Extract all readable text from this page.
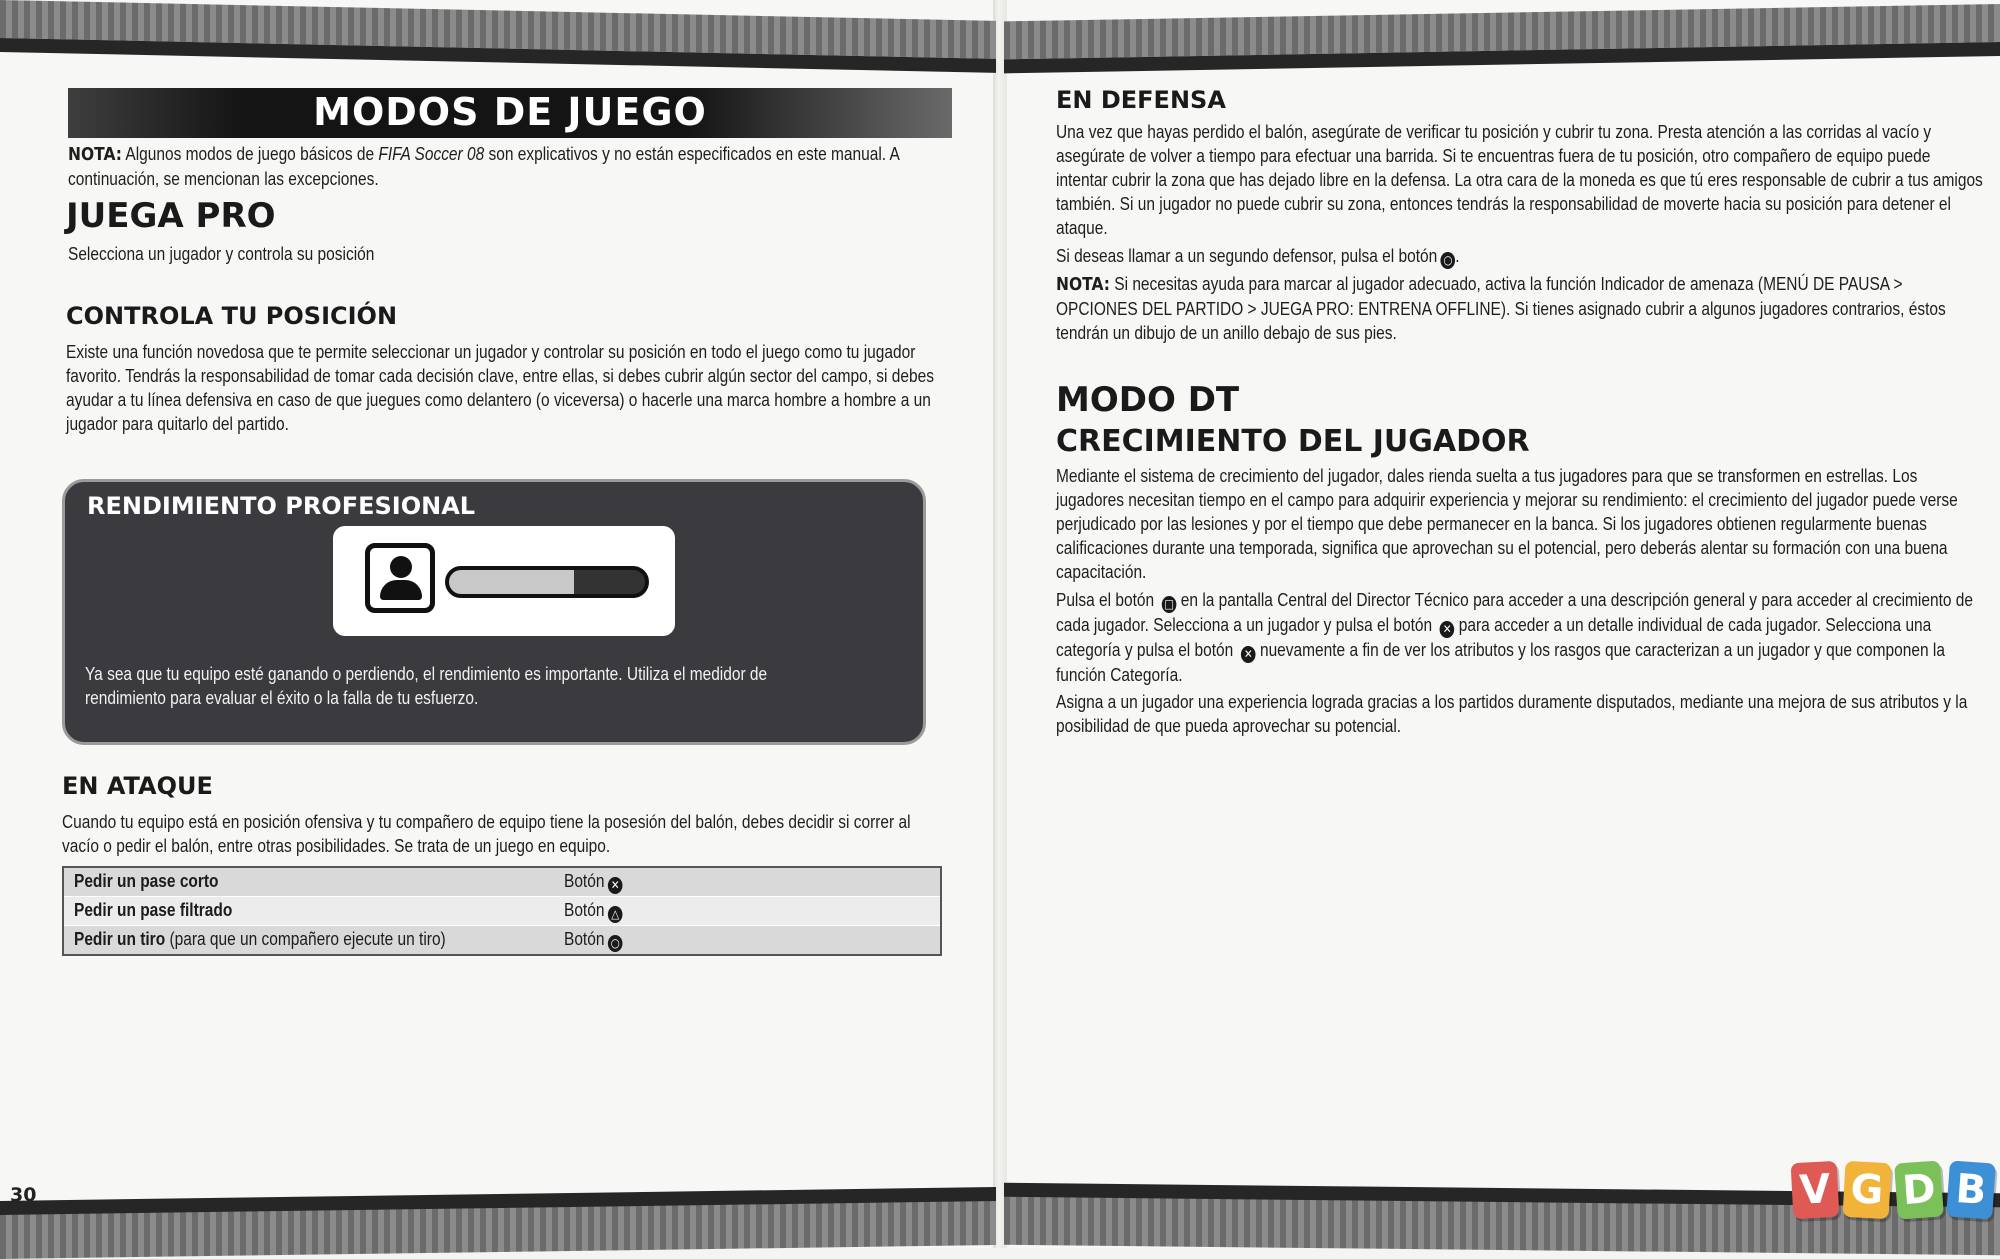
MODOS DE JUEGO
NOTA: Algunos modos de juego básicos de FIFA Soccer 08 son explicativos y no están especificados en este manual. A continuación, se mencionan las excepciones.
JUEGA PRO
Selecciona un jugador y controla su posición
CONTROLA TU POSICIÓN
Existe una función novedosa que te permite seleccionar un jugador y controlar su posición en todo el juego como tu jugador favorito. Tendrás la responsabilidad de tomar cada decisión clave, entre ellas, si debes cubrir algún sector del campo, si debes ayudar a tu línea defensiva en caso de que juegues como delantero (o viceversa) o hacerle una marca hombre a hombre a un jugador para quitarlo del partido.
RENDIMIENTO PROFESIONAL
Ya sea que tu equipo esté ganando o perdiendo, el rendimiento es importante. Utiliza el medidor de rendimiento para evaluar el éxito o la falla de tu esfuerzo.
EN ATAQUE
Cuando tu equipo está en posición ofensiva y tu compañero de equipo tiene la posesión del balón, debes decidir si correr al vacío o pedir el balón, entre otras posibilidades. Se trata de un juego en equipo.
Pedir un pase corto	Botón ✕
Pedir un pase filtrado	Botón △
Pedir un tiro (para que un compañero ejecute un tiro)	Botón ○
30
EN DEFENSA
Una vez que hayas perdido el balón, asegúrate de verificar tu posición y cubrir tu zona. Presta atención a las corridas al vacío y asegúrate de volver a tiempo para efectuar una barrida. Si te encuentras fuera de tu posición, otro compañero de equipo puede intentar cubrir la zona que has dejado libre en la defensa. La otra cara de la moneda es que tú eres responsable de cubrir a tus amigos también. Si un jugador no puede cubrir su zona, entonces tendrás la responsabilidad de moverte hacia su posición para detener el ataque.
Si deseas llamar a un segundo defensor, pulsa el botón ○ .
NOTA: Si necesitas ayuda para marcar al jugador adecuado, activa la función Indicador de amenaza (MENÚ DE PAUSA > OPCIONES DEL PARTIDO > JUEGA PRO: ENTRENA OFFLINE). Si tienes asignado cubrir a algunos jugadores contrarios, éstos tendrán un dibujo de un anillo debajo de sus pies.
MODO DT
CRECIMIENTO DEL JUGADOR
Mediante el sistema de crecimiento del jugador, dales rienda suelta a tus jugadores para que se transformen en estrellas. Los jugadores necesitan tiempo en el campo para adquirir experiencia y mejorar su rendimiento: el crecimiento del jugador puede verse perjudicado por las lesiones y por el tiempo que debe permanecer en la banca. Si los jugadores obtienen regularmente buenas calificaciones durante una temporada, significa que aprovechan su el potencial, pero deberás alentar su formación con una buena capacitación.
Pulsa el botón □ en la pantalla Central del Director Técnico para acceder a una descripción general y para acceder al crecimiento de cada jugador. Selecciona a un jugador y pulsa el botón ✕ para acceder a un detalle individual de cada jugador. Selecciona una categoría y pulsa el botón ✕ nuevamente a fin de ver los atributos y los rasgos que caracterizan a un jugador y que componen la función Categoría.
Asigna a un jugador una experiencia lograda gracias a los partidos duramente disputados, mediante una mejora de sus atributos y la posibilidad de que pueda aprovechar su potencial.
V G D B
